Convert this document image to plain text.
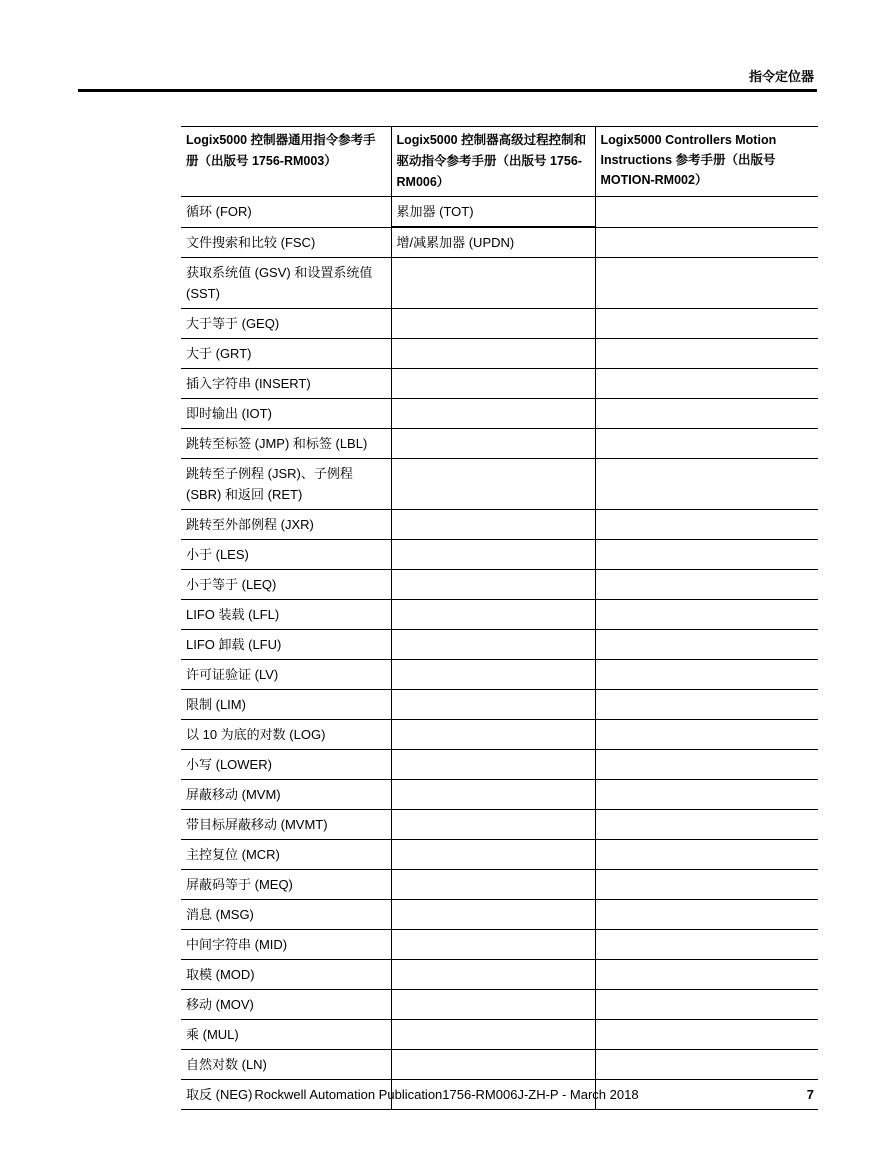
指令定位器
Logix5000 控制器通用指令参考手册（出版号 1756-RM003）	Logix5000 控制器高级过程控制和驱动指令参考手册（出版号 1756-RM006）	Logix5000 Controllers Motion Instructions 参考手册（出版号 MOTION-RM002）
循环 (FOR)	累加器 (TOT)	
文件搜索和比较 (FSC)	增/减累加器 (UPDN)	
获取系统值 (GSV) 和设置系统值 (SST)		
大于等于 (GEQ)		
大于 (GRT)		
插入字符串 (INSERT)		
即时输出 (IOT)		
跳转至标签 (JMP) 和标签 (LBL)		
跳转至子例程 (JSR)、子例程 (SBR) 和返回 (RET)		
跳转至外部例程 (JXR)		
小于 (LES)		
小于等于 (LEQ)		
LIFO 装载 (LFL)		
LIFO 卸载 (LFU)		
许可证验证 (LV)		
限制 (LIM)		
以 10 为底的对数 (LOG)		
小写 (LOWER)		
屏蔽移动 (MVM)		
带目标屏蔽移动 (MVMT)		
主控复位 (MCR)		
屏蔽码等于 (MEQ)		
消息 (MSG)		
中间字符串 (MID)		
取模 (MOD)		
移动 (MOV)		
乘 (MUL)		
自然对数 (LN)		
取反 (NEG)		Rockwell Automation Publication1756-RM006J-ZH-P - March 2018	7
